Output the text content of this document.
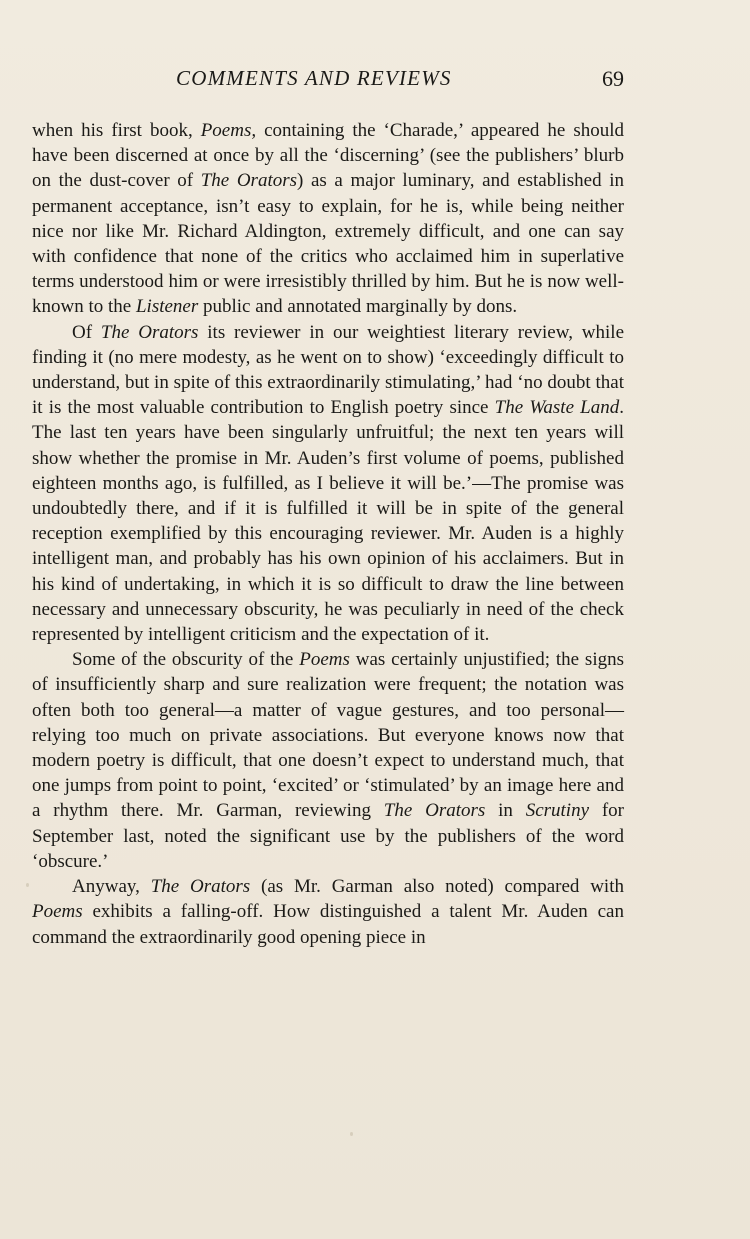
COMMENTS AND REVIEWS	69

when his first book, Poems, containing the ‘Charade,’ appeared he should have been discerned at once by all the ‘discerning’ (see the publishers’ blurb on the dust-cover of The Orators) as a major luminary, and established in permanent acceptance, isn’t easy to explain, for he is, while being neither nice nor like Mr. Richard Aldington, extremely difficult, and one can say with confidence that none of the critics who acclaimed him in superlative terms understood him or were irresistibly thrilled by him. But he is now well-known to the Listener public and annotated marginally by dons.

Of The Orators its reviewer in our weightiest literary review, while finding it (no mere modesty, as he went on to show) ‘exceedingly difficult to understand, but in spite of this extraordinarily stimulating,’ had ‘no doubt that it is the most valuable contribution to English poetry since The Waste Land. The last ten years have been singularly unfruitful; the next ten years will show whether the promise in Mr. Auden’s first volume of poems, published eighteen months ago, is fulfilled, as I believe it will be.’—The promise was undoubtedly there, and if it is fulfilled it will be in spite of the general reception exemplified by this encouraging reviewer. Mr. Auden is a highly intelligent man, and probably has his own opinion of his acclaimers. But in his kind of undertaking, in which it is so difficult to draw the line between necessary and unnecessary obscurity, he was peculiarly in need of the check represented by intelligent criticism and the expectation of it.

Some of the obscurity of the Poems was certainly unjustified; the signs of insufficiently sharp and sure realization were frequent; the notation was often both too general—a matter of vague gestures, and too personal—relying too much on private associations. But everyone knows now that modern poetry is difficult, that one doesn’t expect to understand much, that one jumps from point to point, ‘excited’ or ‘stimulated’ by an image here and a rhythm there. Mr. Garman, reviewing The Orators in Scrutiny for September last, noted the significant use by the publishers of the word ‘obscure.’

Anyway, The Orators (as Mr. Garman also noted) compared with Poems exhibits a falling-off. How distinguished a talent Mr. Auden can command the extraordinarily good opening piece in
